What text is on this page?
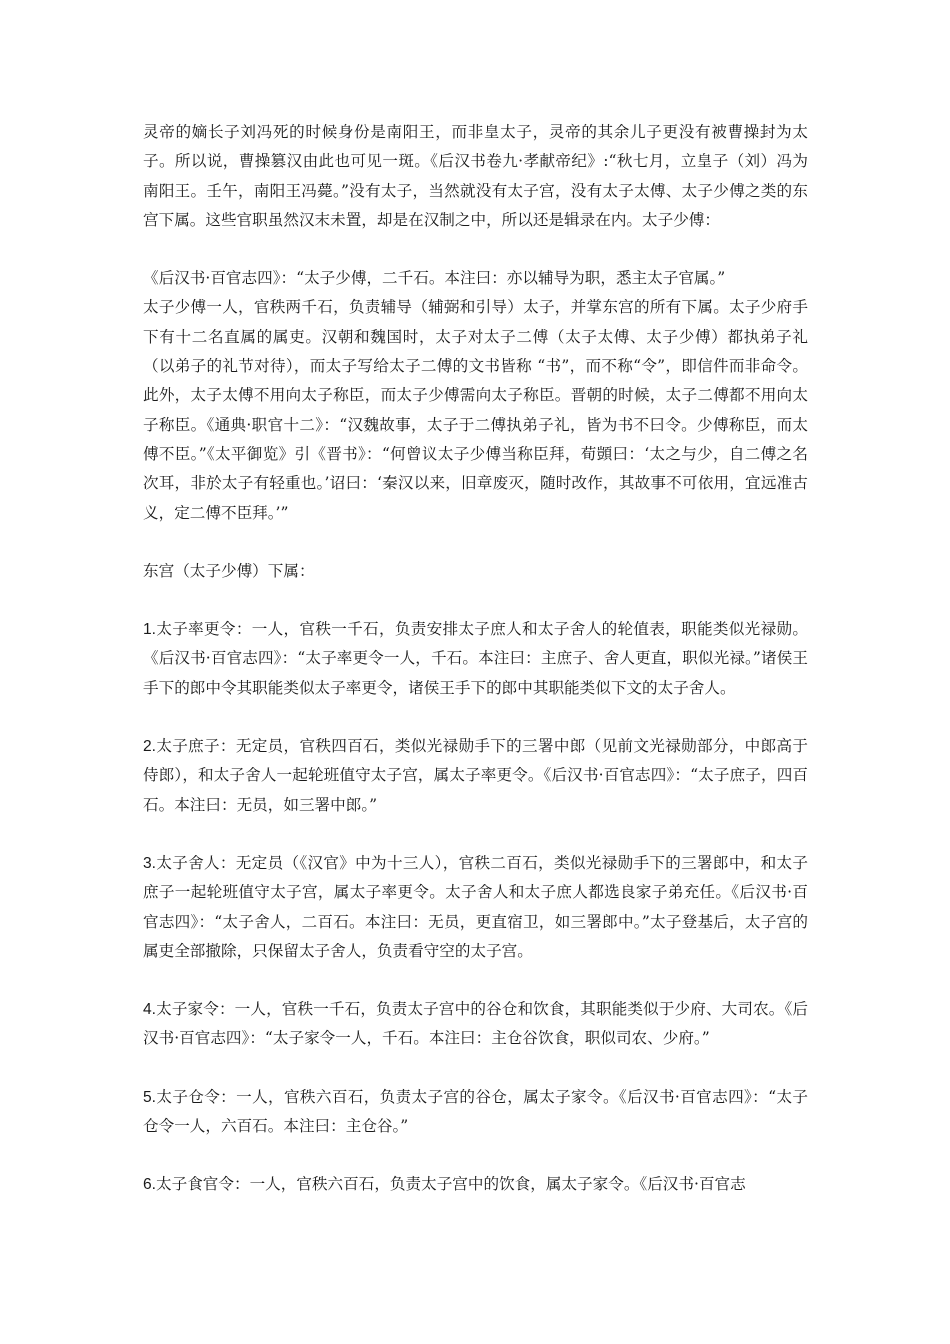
灵帝的嫡长子刘冯死的时候身份是南阳王，而非皇太子，灵帝的其余儿子更没有被曹操封为太子。所以说，曹操篡汉由此也可见一斑。《后汉书卷九·孝献帝纪》:“秋七月，立皇子（刘）冯为南阳王。壬午，南阳王冯薨。”没有太子，当然就没有太子宫，没有太子太傅、太子少傅之类的东宫下属。这些官职虽然汉末未置，却是在汉制之中，所以还是辑录在内。太子少傅：

《后汉书·百官志四》：“太子少傅，二千石。本注曰：亦以辅导为职，悉主太子官属。”

太子少傅一人，官秩两千石，负责辅导（辅弼和引导）太子，并掌东宫的所有下属。太子少府手下有十二名直属的属吏。汉朝和魏国时，太子对太子二傅（太子太傅、太子少傅）都执弟子礼（以弟子的礼节对待），而太子写给太子二傅的文书皆称 “书”，而不称“令”，即信件而非命令。此外，太子太傅不用向太子称臣，而太子少傅需向太子称臣。晋朝的时候，太子二傅都不用向太子称臣。《通典·职官十二》：“汉魏故事，太子于二傅执弟子礼，皆为书不曰令。少傅称臣，而太傅不臣。”《太平御览》引《晋书》：“何曾议太子少傅当称臣拜，荀顗曰：‘太之与少，自二傅之名次耳，非於太子有轻重也。’诏曰：‘秦汉以来，旧章废灭，随时改作，其故事不可依用，宜远准古义，定二傅不臣拜。’”

东宫（太子少傅）下属：

1.太子率更令：一人，官秩一千石，负责安排太子庶人和太子舍人的轮值表，职能类似光禄勋。《后汉书·百官志四》：“太子率更令一人，千石。本注曰：主庶子、舍人更直，职似光禄。”诸侯王手下的郎中令其职能类似太子率更令，诸侯王手下的郎中其职能类似下文的太子舍人。

2.太子庶子：无定员，官秩四百石，类似光禄勋手下的三署中郎（见前文光禄勋部分，中郎高于侍郎），和太子舍人一起轮班值守太子宫，属太子率更令。《后汉书·百官志四》：“太子庶子，四百石。本注曰：无员，如三署中郎。”

3.太子舍人：无定员（《汉官》中为十三人），官秩二百石，类似光禄勋手下的三署郎中，和太子庶子一起轮班值守太子宫，属太子率更令。太子舍人和太子庶人都选良家子弟充任。《后汉书·百官志四》：“太子舍人，二百石。本注曰：无员，更直宿卫，如三署郎中。”太子登基后，太子宫的属吏全部撤除，只保留太子舍人，负责看守空的太子宫。

4.太子家令：一人，官秩一千石，负责太子宫中的谷仓和饮食，其职能类似于少府、大司农。《后汉书·百官志四》：“太子家令一人，千石。本注曰：主仓谷饮食，职似司农、少府。”

5.太子仓令：一人，官秩六百石，负责太子宫的谷仓，属太子家令。《后汉书·百官志四》：“太子仓令一人，六百石。本注曰：主仓谷。”

6.太子食官令：一人，官秩六百石，负责太子宫中的饮食，属太子家令。《后汉书·百官志
